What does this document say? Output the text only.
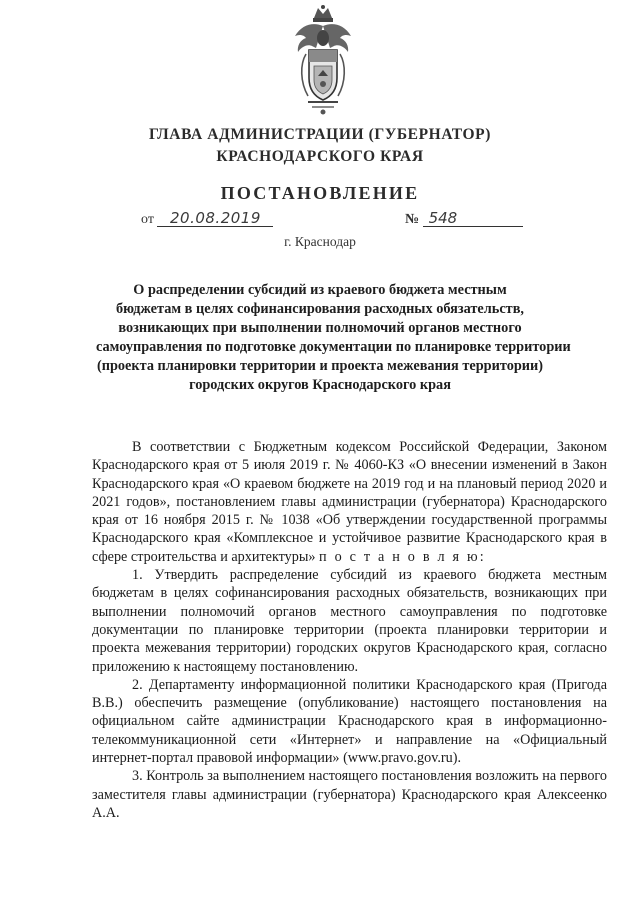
ГЛАВА АДМИНИСТРАЦИИ (ГУБЕРНАТОР)
КРАСНОДАРСКОГО КРАЯ
ПОСТАНОВЛЕНИЕ
от 20.08.2019	№ 548
г. Краснодар
О распределении субсидий из краевого бюджета местным
бюджетам в целях софинансирования расходных обязательств,
возникающих при выполнении полномочий органов местного
самоуправления по подготовке документации по планировке территории
(проекта планировки территории и проекта межевания территории)
городских округов Краснодарского края

В соответствии с Бюджетным кодексом Российской Федерации, Законом Краснодарского края от 5 июля 2019 г. № 4060-КЗ «О внесении изменений в Закон Краснодарского края «О краевом бюджете на 2019 год и на плановый период 2020 и 2021 годов», постановлением главы администрации (губернатора) Краснодарского края от 16 ноября 2015 г. № 1038 «Об утверждении государственной программы Краснодарского края «Комплексное и устойчивое развитие Краснодарского края в сфере строительства и архитектуры» п о с т а н о в л я ю:

1. Утвердить распределение субсидий из краевого бюджета местным бюджетам в целях софинансирования расходных обязательств, возникающих при выполнении полномочий органов местного самоуправления по подготовке документации по планировке территории (проекта планировки территории и проекта межевания территории) городских округов Краснодарского края, согласно приложению к настоящему постановлению.

2. Департаменту информационной политики Краснодарского края (Пригода В.В.) обеспечить размещение (опубликование) настоящего постановления на официальном сайте администрации Краснодарского края в информационно-телекоммуникационной сети «Интернет» и направление на «Официальный интернет-портал правовой информации» (www.pravo.gov.ru).

3. Контроль за выполнением настоящего постановления возложить на первого заместителя главы администрации (губернатора) Краснодарского края Алексеенко А.А.
